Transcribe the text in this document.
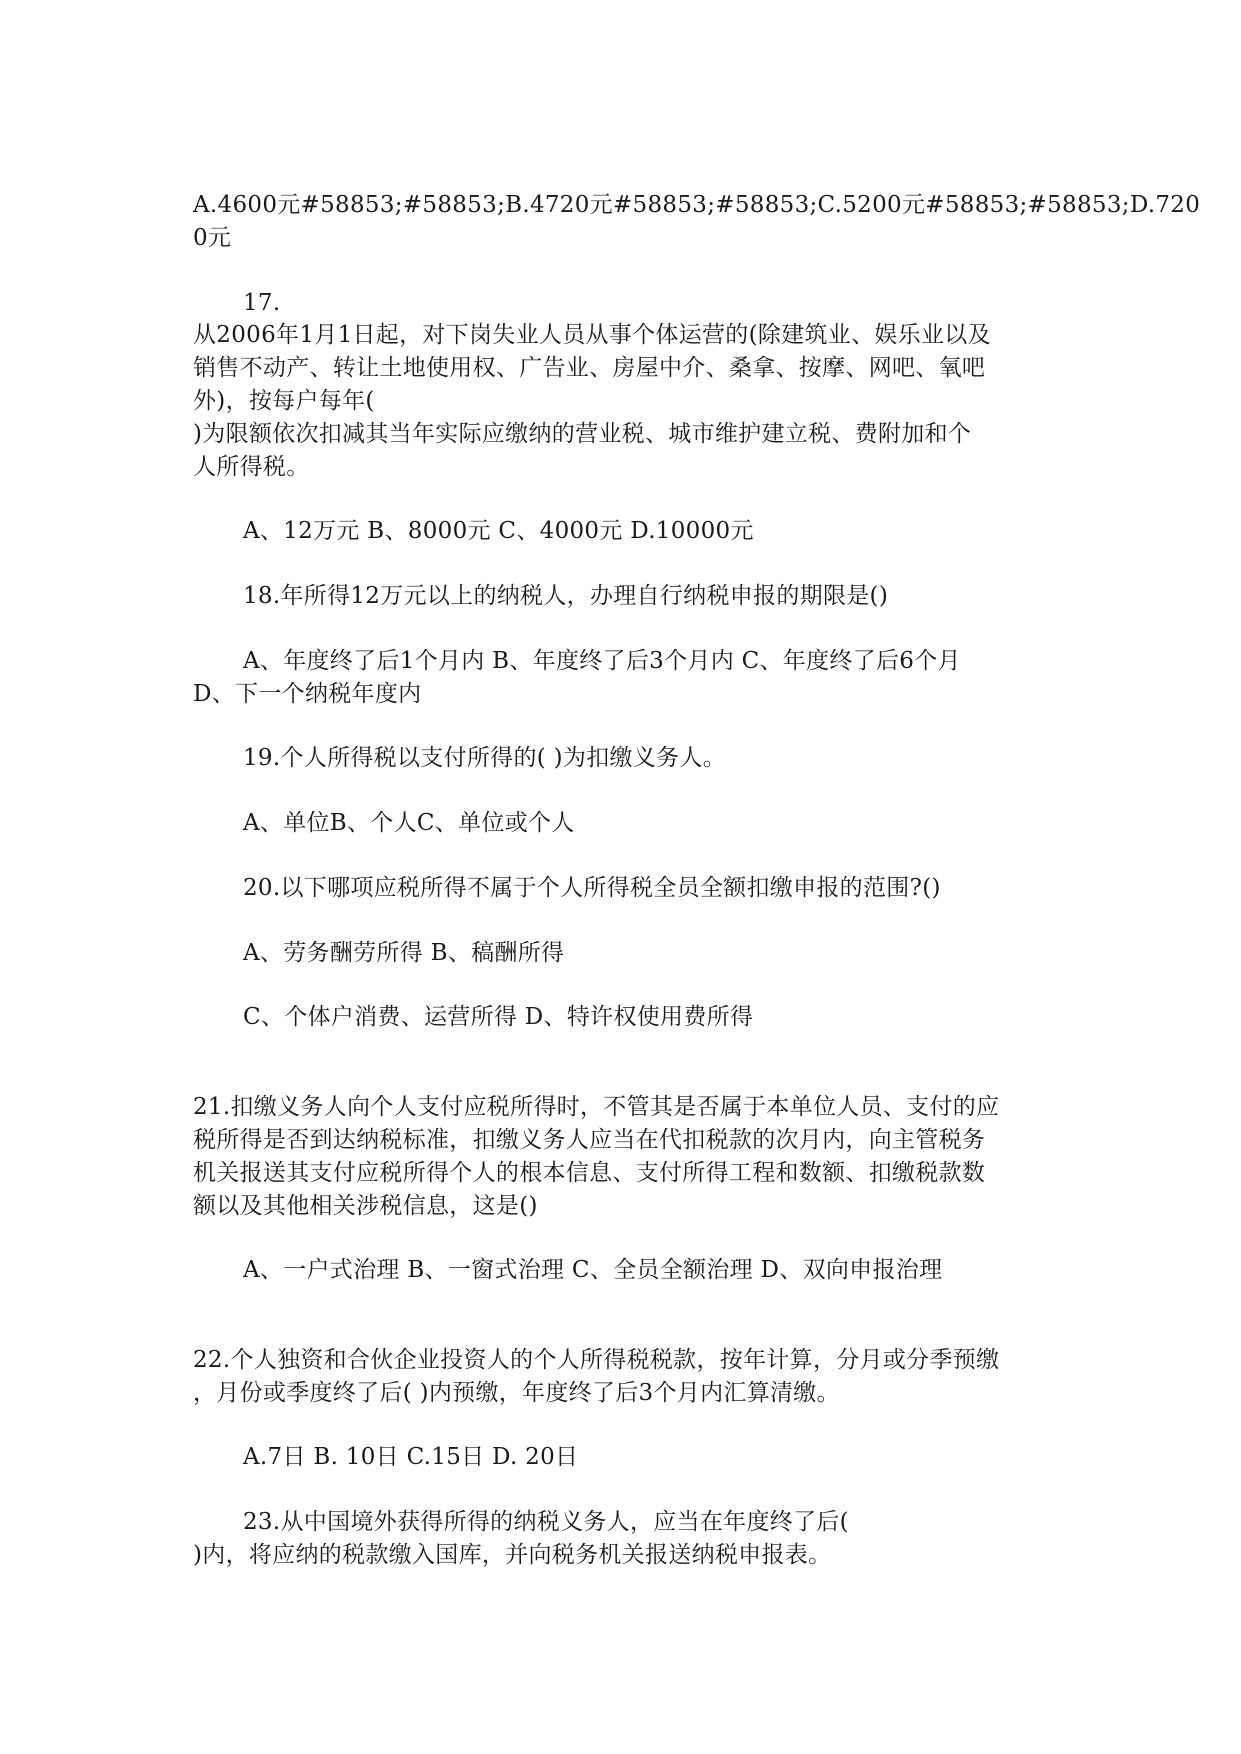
A.4600元#58853;#58853;B.4720元#58853;#58853;C.5200元#58853;#58853;D.720
0元
17.
从2006年1月1日起，对下岗失业人员从事个体运营的(除建筑业、娱乐业以及
销售不动产、转让土地使用权、广告业、房屋中介、桑拿、按摩、网吧、氧吧
外)，按每户每年(
)为限额依次扣减其当年实际应缴纳的营业税、城市维护建立税、费附加和个
人所得税。
A、12万元 B、8000元 C、4000元 D.10000元
18.年所得12万元以上的纳税人，办理自行纳税申报的期限是()
A、年度终了后1个月内 B、年度终了后3个月内 C、年度终了后6个月
D、下一个纳税年度内
19.个人所得税以支付所得的( )为扣缴义务人。
A、单位B、个人C、单位或个人
20.以下哪项应税所得不属于个人所得税全员全额扣缴申报的范围?()
A、劳务酬劳所得 B、稿酬所得
C、个体户消费、运营所得 D、特许权使用费所得
21.扣缴义务人向个人支付应税所得时，不管其是否属于本单位人员、支付的应
税所得是否到达纳税标准，扣缴义务人应当在代扣税款的次月内，向主管税务
机关报送其支付应税所得个人的根本信息、支付所得工程和数额、扣缴税款数
额以及其他相关涉税信息，这是()
A、一户式治理 B、一窗式治理 C、全员全额治理 D、双向申报治理
22.个人独资和合伙企业投资人的个人所得税税款，按年计算，分月或分季预缴
，月份或季度终了后( )内预缴，年度终了后3个月内汇算清缴。
A.7日 B. 10日 C.15日 D. 20日
23.从中国境外获得所得的纳税义务人，应当在年度终了后(
)内，将应纳的税款缴入国库，并向税务机关报送纳税申报表。
